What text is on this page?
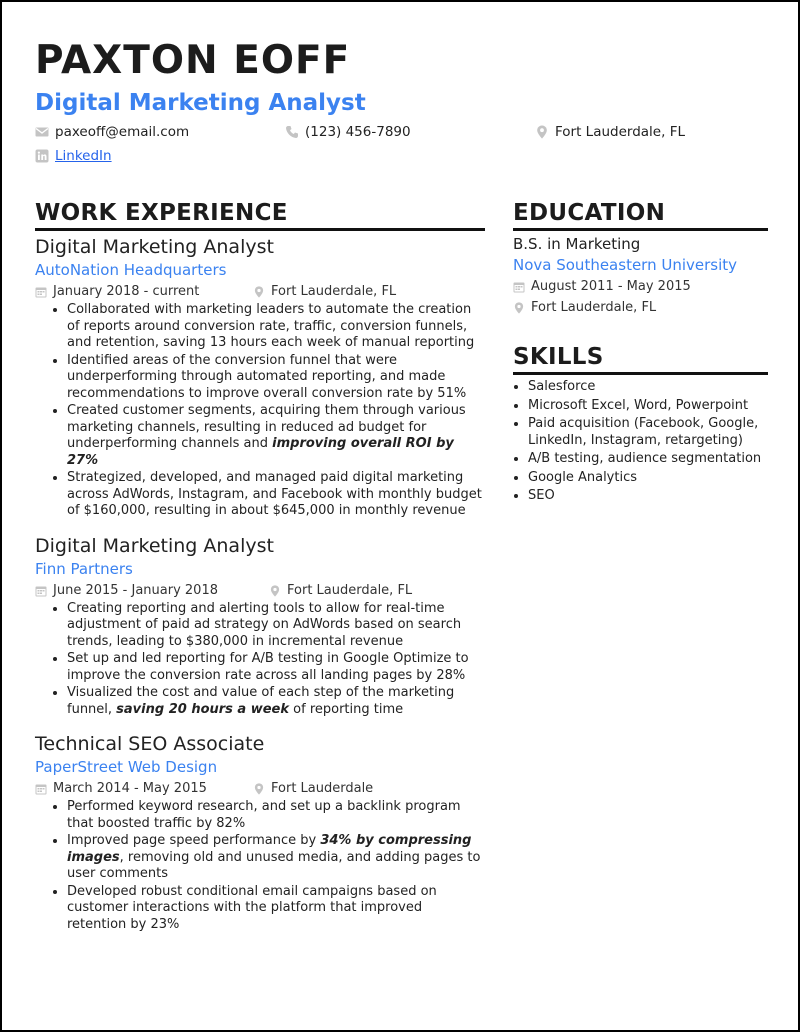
PAXTON EOFF
Digital Marketing Analyst
paxeoff@email.com	(123) 456-7890	Fort Lauderdale, FL
LinkedIn
WORK EXPERIENCE

Digital Marketing Analyst

AutoNation Headquarters

January 2018 - current	Fort Lauderdale, FL
• Collaborated with marketing leaders to automate the creation of reports around conversion rate, traffic, conversion funnels, and retention, saving 13 hours each week of manual reporting
• Identified areas of the conversion funnel that were underperforming through automated reporting, and made recommendations to improve overall conversion rate by 51%
• Created customer segments, acquiring them through various marketing channels, resulting in reduced ad budget for underperforming channels and improving overall ROI by 27%
• Strategized, developed, and managed paid digital marketing across AdWords, Instagram, and Facebook with monthly budget of $160,000, resulting in about $645,000 in monthly revenue

Digital Marketing Analyst

Finn Partners

June 2015 - January 2018	Fort Lauderdale, FL
• Creating reporting and alerting tools to allow for real-time adjustment of paid ad strategy on AdWords based on search trends, leading to $380,000 in incremental revenue
• Set up and led reporting for A/B testing in Google Optimize to improve the conversion rate across all landing pages by 28%
• Visualized the cost and value of each step of the marketing funnel, saving 20 hours a week of reporting time

Technical SEO Associate

PaperStreet Web Design

March 2014 - May 2015	Fort Lauderdale
• Performed keyword research, and set up a backlink program that boosted traffic by 82%
• Improved page speed performance by 34% by compressing images, removing old and unused media, and adding pages to user comments
• Developed robust conditional email campaigns based on customer interactions with the platform that improved retention by 23%
EDUCATION

B.S. in Marketing

Nova Southeastern University

August 2011 - May 2015
Fort Lauderdale, FL
SKILLS
• Salesforce
• Microsoft Excel, Word, Powerpoint
• Paid acquisition (Facebook, Google, LinkedIn, Instagram, retargeting)
• A/B testing, audience segmentation
• Google Analytics
• SEO
